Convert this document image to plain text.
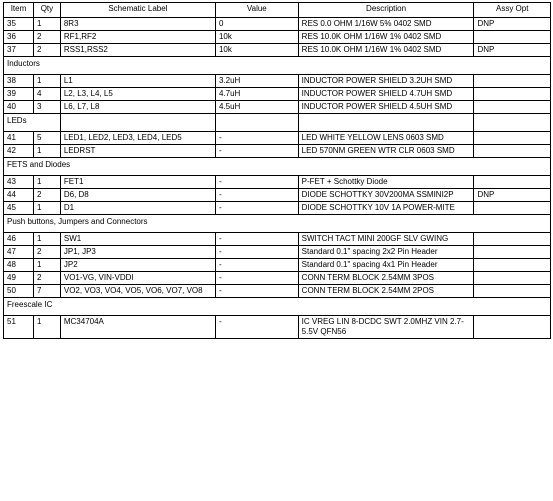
Item	Qty	Schematic Label	Value	Description	Assy Opt
35	1	8R3	0	RES 0.0 OHM 1/16W 5% 0402 SMD	DNP
36	2	RF1,RF2	10k	RES 10.0K OHM 1/16W 1% 0402 SMD	
37	2	RSS1,RSS2	10k	RES 10.0K OHM 1/16W 1% 0402 SMD	DNP
Inductors					
38	1	L1	3.2uH	INDUCTOR POWER SHIELD 3.2UH SMD	
39	4	L2, L3, L4, L5	4.7uH	INDUCTOR POWER SHIELD 4.7UH SMD	
40	3	L6, L7, L8	4.5uH	INDUCTOR POWER SHIELD 4.5UH SMD	
LEDs					
41	5	LED1, LED2, LED3, LED4, LED5	-	LED WHITE YELLOW LENS 0603 SMD	
42	1	LEDRST	-	LED 570NM GREEN WTR CLR 0603 SMD	
FETS and Diodes					
43	1	FET1	-	P-FET + Schottky Diode	
44	2	D6, D8	-	DIODE SCHOTTKY 30V200MA SSMINI2P	DNP
45	1	D1	-	DIODE SCHOTTKY 10V 1A POWER-MITE	
Push buttons, Jumpers and Connectors					
46	1	SW1	-	SWITCH TACT MINI 200GF SLV GWING	
47	2	JP1, JP3	-	Standard 0.1" spacing 2x2 Pin Header	
48	1	JP2	-	Standard 0.1" spacing 4x1 Pin Header	
49	2	VO1-VG, VIN-VDDI	-	CONN TERM BLOCK 2.54MM 3POS	
50	7	VO2, VO3, VO4, VO5, VO6, VO7, VO8	-	CONN TERM BLOCK 2.54MM 2POS	
Freescale IC					
51	1	MC34704A	-	IC VREG LIN 8-DCDC SWT 2.0MHZ VIN 2.7-5.5V QFN56	
